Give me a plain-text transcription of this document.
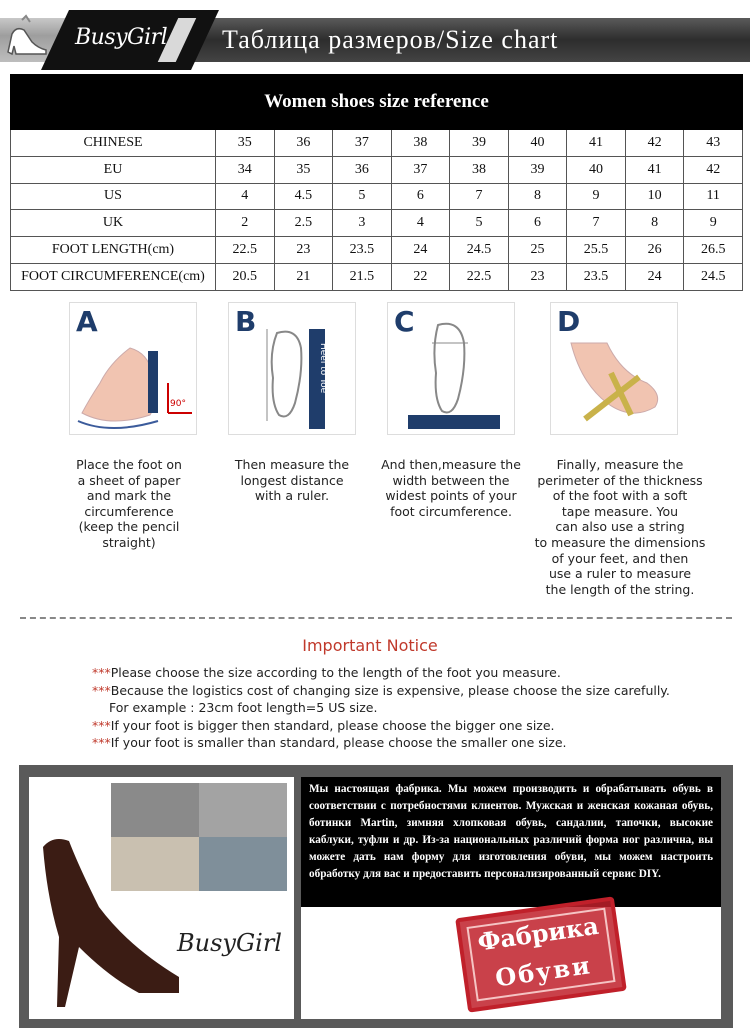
BusyGirl Таблица размеров/Size chart
Women shoes size reference									
CHINESE	35	36	37	38	39	40	41	42	43
EU	34	35	36	37	38	39	40	41	42
US	4	4.5	5	6	7	8	9	10	11
UK	2	2.5	3	4	5	6	7	8	9
FOOT LENGTH(cm)	22.5	23	23.5	24	24.5	25	25.5	26	26.5
FOOT CIRCUMFERENCE(cm)	20.5	21	21.5	22	22.5	23	23.5	24	24.5
A
90°
Place the foot on
a sheet of paper
and mark the
circumference
(keep the pencil
straight)
B
Heel to Toe
Then measure the
longest distance
with a ruler.
C
And then,measure the
width between the
widest points of your
foot circumference.
D
Finally, measure the
perimeter of the thickness
of the foot with a soft
tape measure. You
can also use a string
to measure the dimensions
of your feet, and then
use a ruler to measure
the length of the string.
Important Notice
***Please choose the size according to the length of the foot you measure.
***Because the logistics cost of changing size is expensive, please choose the size carefully.
For example : 23cm foot length=5 US size.
***If your foot is bigger then standard, please choose the bigger one size.
***If your foot is smaller than standard, please choose the smaller one size.
BusyGirl
Мы настоящая фабрика. Мы можем производить и обрабатывать обувь в соответствии с потребностями клиентов. Мужская и женская кожаная обувь, ботинки Martin, зимняя хлопковая обувь, сандалии, тапочки, высокие каблуки, туфли и др. Из-за национальных различий форма ног различна, вы можете дать нам форму для изготовления обуви, мы можем настроить обработку для вас и предоставить персонализированный сервис DIY.
Фабрика
Обуви
